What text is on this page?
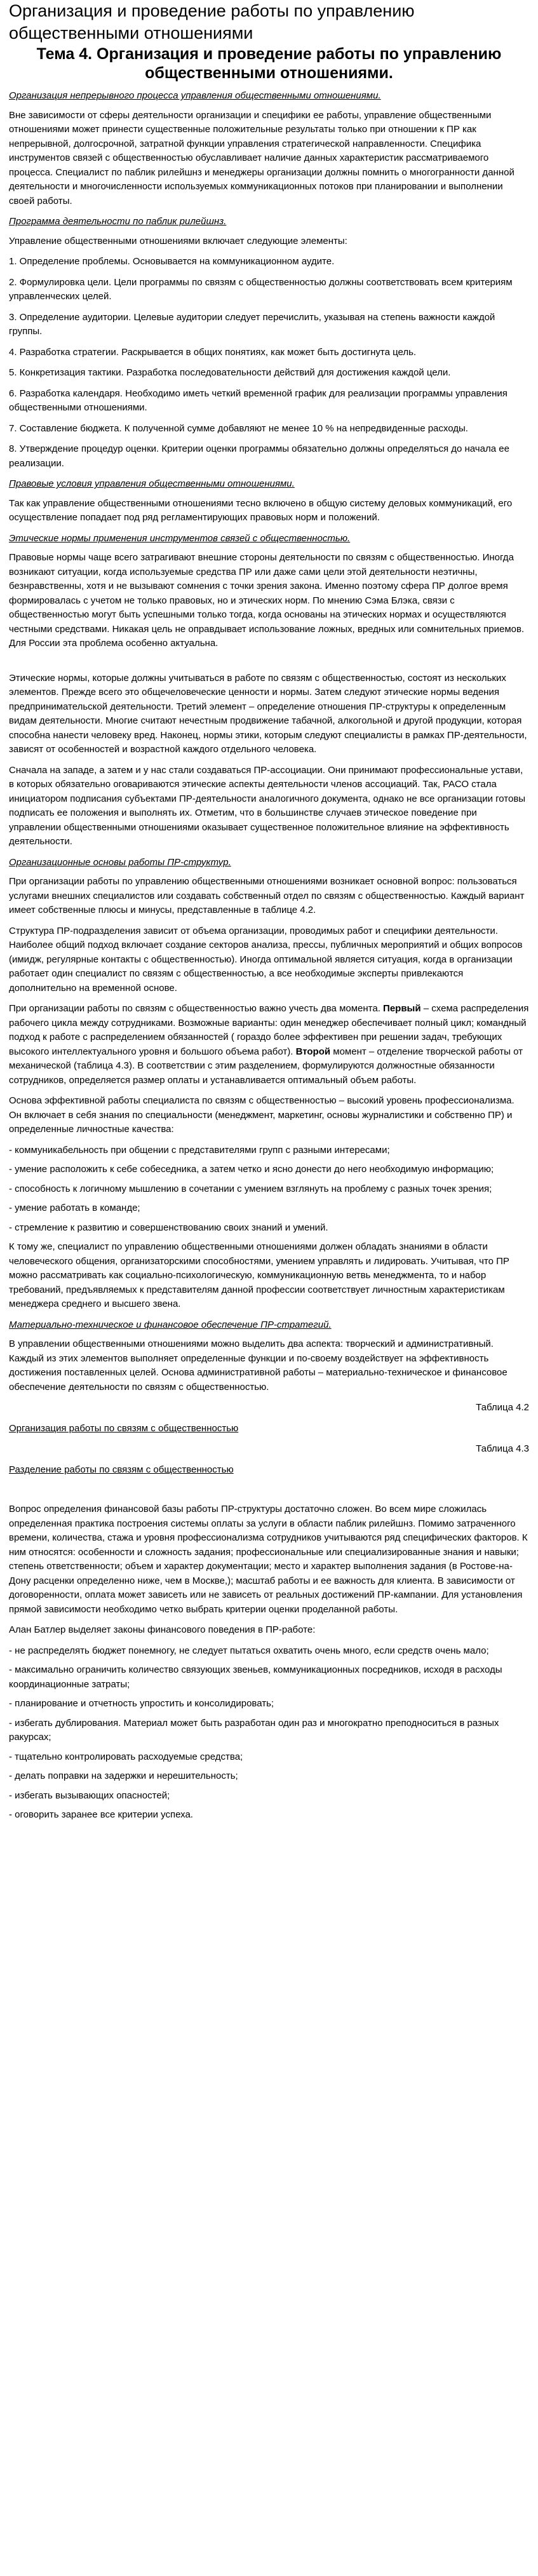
Организация и проведение работы по управлению общественными отношениями
Тема 4. Организация и проведение работы по управлению общественными отношениями.

Организация непрерывного процесса управления общественными отношениями.

Вне зависимости от сферы деятельности организации и специфики ее работы, управление общественными отношениями может принести существенные положительные результаты только при отношении к ПР как непрерывной, долгосрочной, затратной функции управления стратегической направленности. Специфика инструментов связей с общественностью обуславливает наличие данных характеристик рассматриваемого процесса. Специалист по паблик рилейшнз и менеджеры организации должны помнить о многогранности данной деятельности и многочисленности используемых коммуникационных потоков при планировании и выполнении своей работы.

Программа деятельности по паблик рилейшнз.

Управление общественными отношениями включает следующие элементы:

1. Определение проблемы. Основывается на коммуникационном аудите.

2. Формулировка цели. Цели программы по связям с общественностью должны соответствовать всем критериям управленческих целей.

3. Определение аудитории. Целевые аудитории следует перечислить, указывая на степень важности каждой группы.

4. Разработка стратегии. Раскрывается в общих понятиях, как может быть достигнута цель.

5. Конкретизация тактики. Разработка последовательности действий для достижения каждой цели.

6. Разработка календаря. Необходимо иметь четкий временной график для реализации программы управления общественными отношениями.

7. Составление бюджета. К полученной сумме добавляют не менее 10 % на непредвиденные расходы.

8. Утверждение процедур оценки. Критерии оценки программы обязательно должны определяться до начала ее реализации.

Правовые условия управления общественными отношениями.

Так как управление общественными отношениями тесно включено в общую систему деловых коммуникаций, его осуществление попадает под ряд регламентирующих правовых норм и положений.

Этические нормы применения инструментов связей с общественностью.

Правовые нормы чаще всего затрагивают внешние стороны деятельности по связям с общественностью. Иногда возникают ситуации, когда используемые средства ПР или даже сами цели этой деятельности неэтичны, безнравственны, хотя и не вызывают сомнения с точки зрения закона. Именно поэтому сфера ПР долгое время формировалась с учетом не только правовых, но и этических норм. По мнению Сэма Блэка, связи с общественностью могут быть успешными только тогда, когда основаны на этических нормах и осуществляются честными средствами. Никакая цель не оправдывает использование ложных, вредных или сомнительных приемов. Для России эта проблема особенно актуальна.

Этические нормы, которые должны учитываться в работе по связям с общественностью, состоят из нескольких элементов. Прежде всего это общечеловеческие ценности и нормы. Затем следуют этические нормы ведения предпринимательской деятельности. Третий элемент – определение отношения ПР-структуры к определенным видам деятельности. Многие считают нечестным продвижение табачной, алкогольной и другой продукции, которая способна нанести человеку вред. Наконец, нормы этики, которым следуют специалисты в рамках ПР-деятельности, зависят от особенностей и возрастной каждого отдельного человека.

Сначала на западе, а затем и у нас стали создаваться ПР-ассоциации. Они принимают профессиональные устави, в которых обязательно оговариваются этические аспекты деятельности членов ассоциаций. Так, РАСО стала инициатором подписания субъектами ПР-деятельности аналогичного документа, однако не все организации готовы подписать ее положения и выполнять их. Отметим, что в большинстве случаев этическое поведение при управлении общественными отношениями оказывает существенное положительное влияние на эффективность деятельности.

Организационные основы работы ПР-структур.

При организации работы по управлению общественными отношениями возникает основной вопрос: пользоваться услугами внешних специалистов или создавать собственный отдел по связям с общественностью. Каждый вариант имеет собственные плюсы и минусы, представленные в таблице 4.2.

Структура ПР-подразделения зависит от объема организации, проводимых работ и специфики деятельности. Наиболее общий подход включает создание секторов анализа, прессы, публичных мероприятий и общих вопросов (имидж, регулярные контакты с общественностью). Иногда оптимальной является ситуация, когда в организации работает один специалист по связям с общественностью, а все необходимые эксперты привлекаются дополнительно на временной основе.

При организации работы по связям с общественностью важно учесть два момента. Первый – схема распределения рабочего цикла между сотрудниками. Возможные варианты: один менеджер обеспечивает полный цикл; командный подход к работе с распределением обязанностей ( гораздо более эффективен при решении задач, требующих высокого интеллектуального уровня и большого объема работ). Второй момент – отделение творческой работы от механической (таблица 4.3). В соответствии с этим разделением, формулируются должностные обязанности сотрудников, определяется размер оплаты и устанавливается оптимальный объем работы.

Основа эффективной работы специалиста по связям с общественностью – высокий уровень профессионализма. Он включает в себя знания по специальности (менеджмент, маркетинг, основы журналистики и собственно ПР) и определенные личностные качества:

- коммуникабельность при общении с представителями групп с разными интересами;

- умение расположить к себе собеседника, а затем четко и ясно донести до него необходимую информацию;

- способность к логичному мышлению в сочетании с умением взглянуть на проблему с разных точек зрения;

- умение работать в команде;

- стремление к развитию и совершенствованию своих знаний и умений.

К тому же, специалист по управлению общественными отношениями должен обладать знаниями в области человеческого общения, организаторскими способностями, умением управлять и лидировать. Учитывая, что ПР можно рассматривать как социально-психологическую, коммуникационную ветвь менеджмента, то и набор требований, предъявляемых к представителям данной профессии соответствует личностным характеристикам менеджера среднего и высшего звена.

Материально-техническое и финансовое обеспечение ПР-стратегий.

В управлении общественными отношениями можно выделить два аспекта: творческий и административный. Каждый из этих элементов выполняет определенные функции и по-своему воздействует на эффективность достижения поставленных целей. Основа административной работы – материально-техническое и финансовое обеспечение деятельности по связям с общественностью.

Таблица 4.2

Организация работы по связям с общественностью

Таблица 4.3

Разделение работы по связям с общественностью

Вопрос определения финансовой базы работы ПР-структуры достаточно сложен. Во всем мире сложилась определенная практика построения системы оплаты за услуги в области паблик рилейшнз. Помимо затраченного времени, количества, стажа и уровня профессионализма сотрудников учитываются ряд специфических факторов. К ним относятся: особенности и сложность задания; профессиональные или специализированные знания и навыки; степень ответственности; объем и характер документации; место и характер выполнения задания (в Ростове-на-Дону расценки определенно ниже, чем в Москве,); масштаб работы и ее важность для клиента. В зависимости от договоренности, оплата может зависеть или не зависеть от реальных достижений ПР-кампании. Для установления прямой зависимости необходимо четко выбрать критерии оценки проделанной работы.

Алан Батлер выделяет законы финансового поведения в ПР-работе:

- не распределять бюджет понемногу, не следует пытаться охватить очень много, если средств очень мало;

- максимально ограничить количество связующих звеньев, коммуникационных посредников, исходя в расходы координационные затраты;

- планирование и отчетность упростить и консолидировать;

- избегать дублирования. Материал может быть разработан один раз и многократно преподноситься в разных ракурсах;

- тщательно контролировать расходуемые средства;

- делать поправки на задержки и нерешительность;

- избегать вызывающих опасностей;

- оговорить заранее все критерии успеха.
